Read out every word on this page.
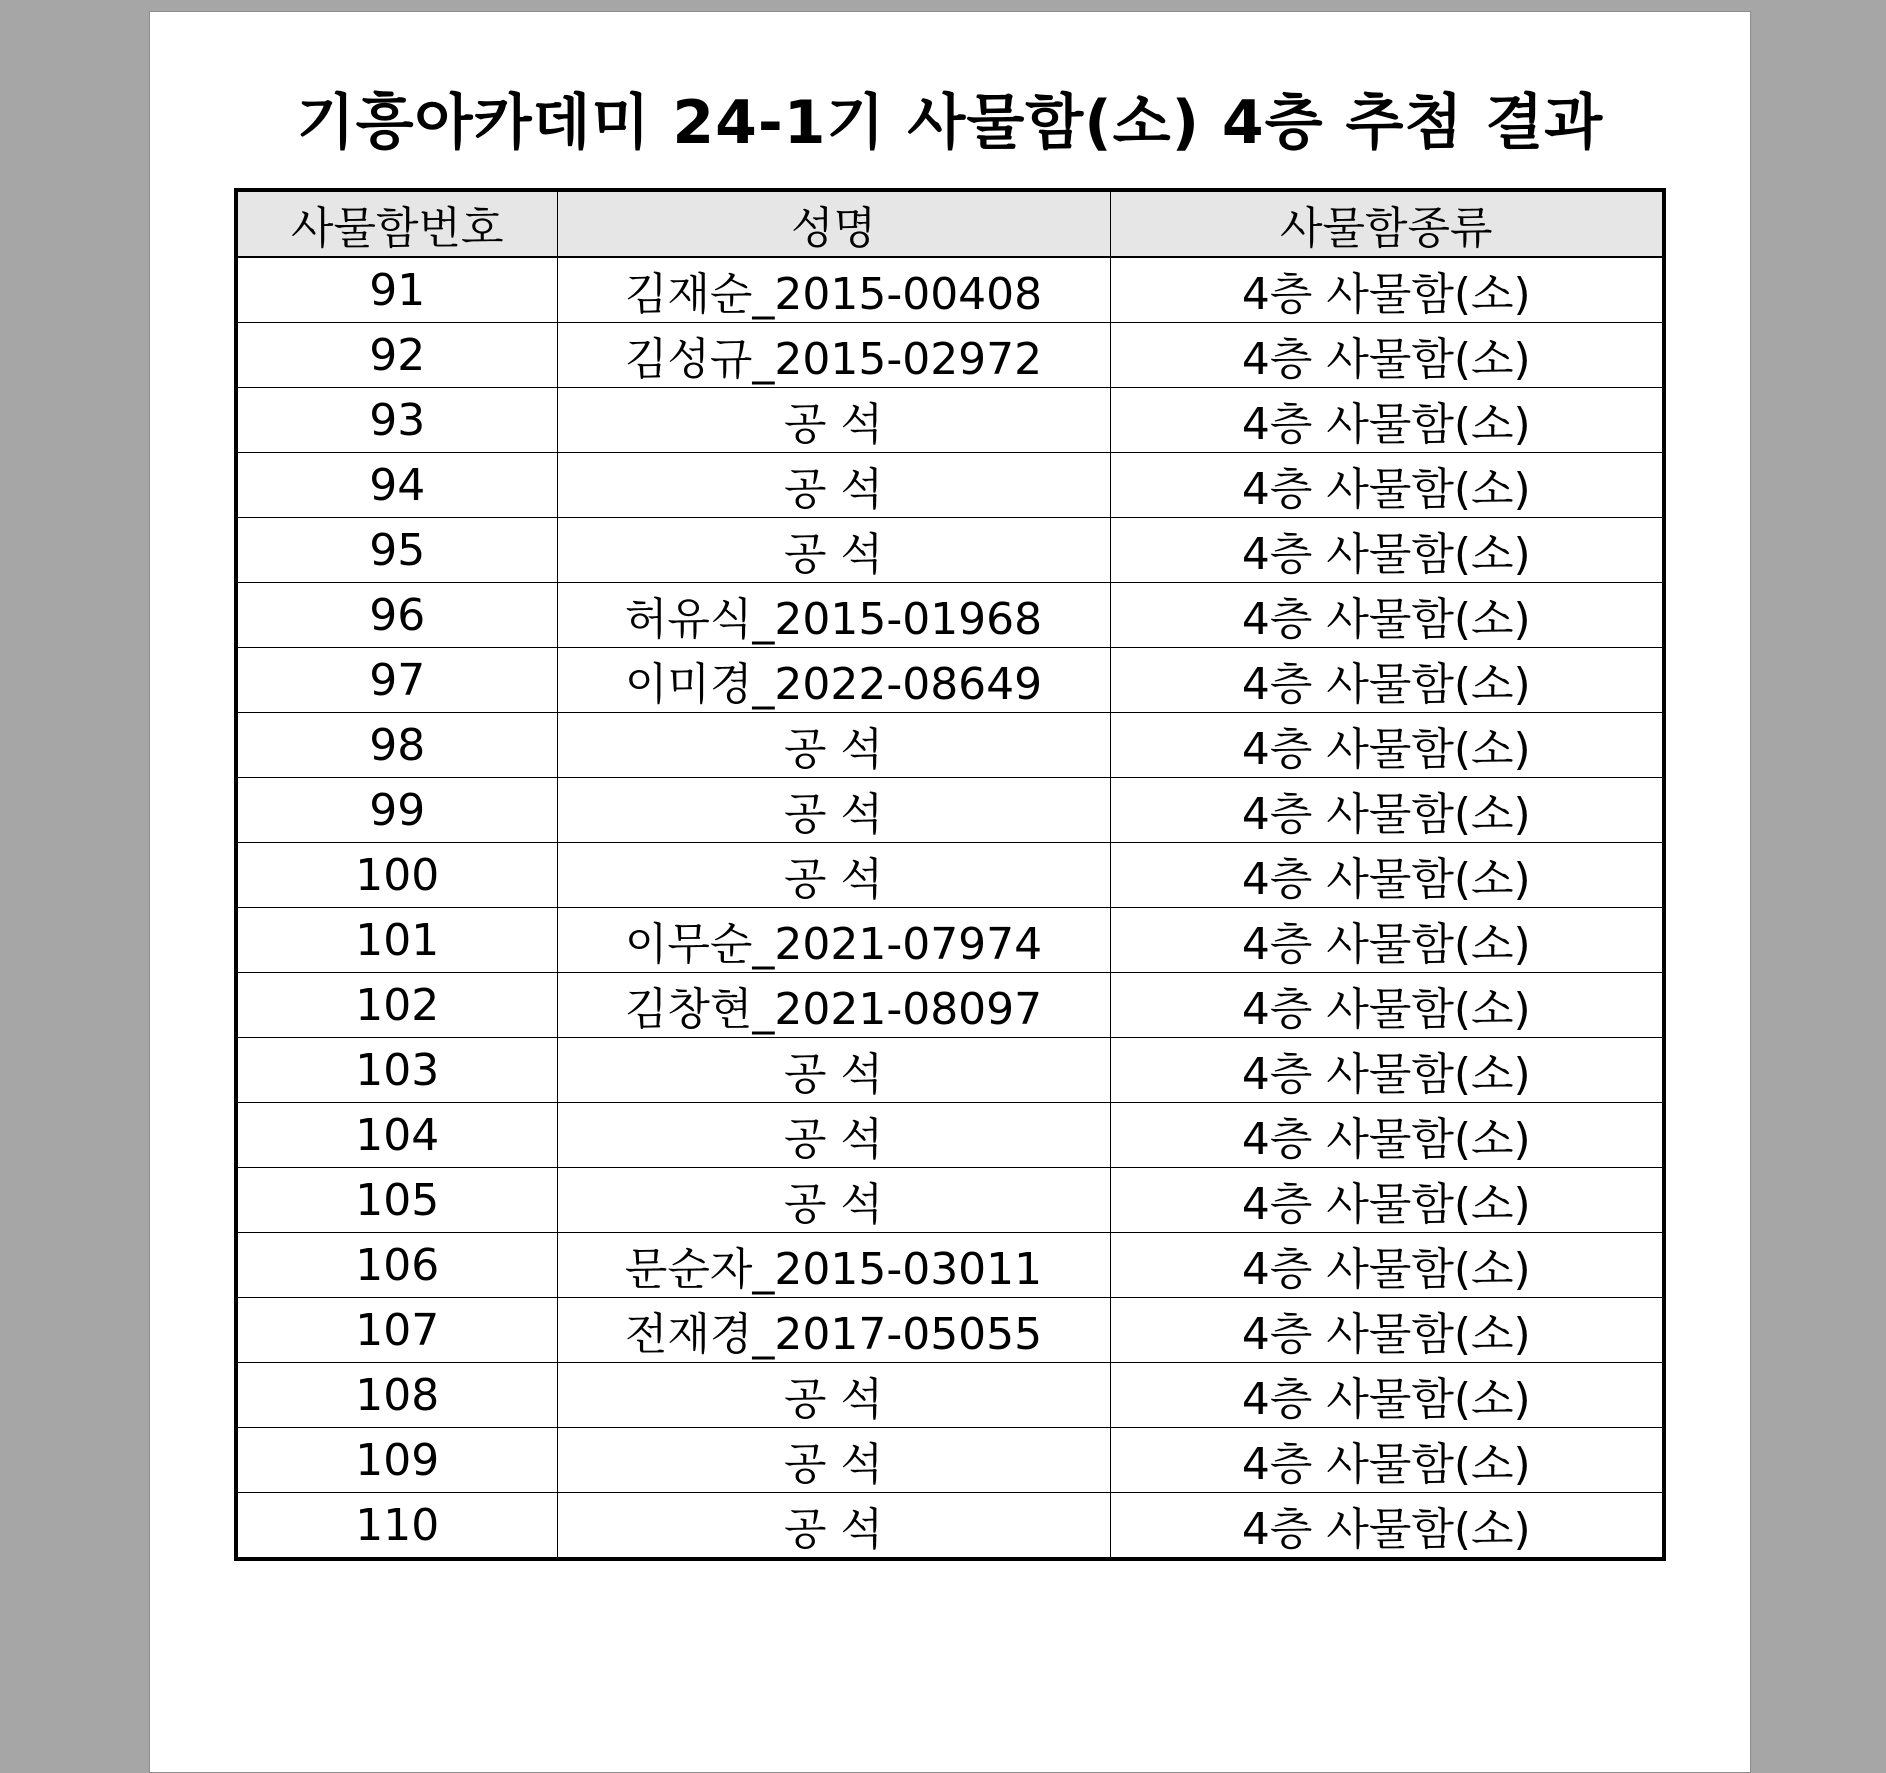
기흥아카데미 24-1기 사물함(소) 4층 추첨 결과
사물함번호	성명	사물함종류
91	김재순_2015-00408	4층 사물함(소)
92	김성규_2015-02972	4층 사물함(소)
93	공 석	4층 사물함(소)
94	공 석	4층 사물함(소)
95	공 석	4층 사물함(소)
96	허유식_2015-01968	4층 사물함(소)
97	이미경_2022-08649	4층 사물함(소)
98	공 석	4층 사물함(소)
99	공 석	4층 사물함(소)
100	공 석	4층 사물함(소)
101	이무순_2021-07974	4층 사물함(소)
102	김창현_2021-08097	4층 사물함(소)
103	공 석	4층 사물함(소)
104	공 석	4층 사물함(소)
105	공 석	4층 사물함(소)
106	문순자_2015-03011	4층 사물함(소)
107	전재경_2017-05055	4층 사물함(소)
108	공 석	4층 사물함(소)
109	공 석	4층 사물함(소)
110	공 석	4층 사물함(소)
